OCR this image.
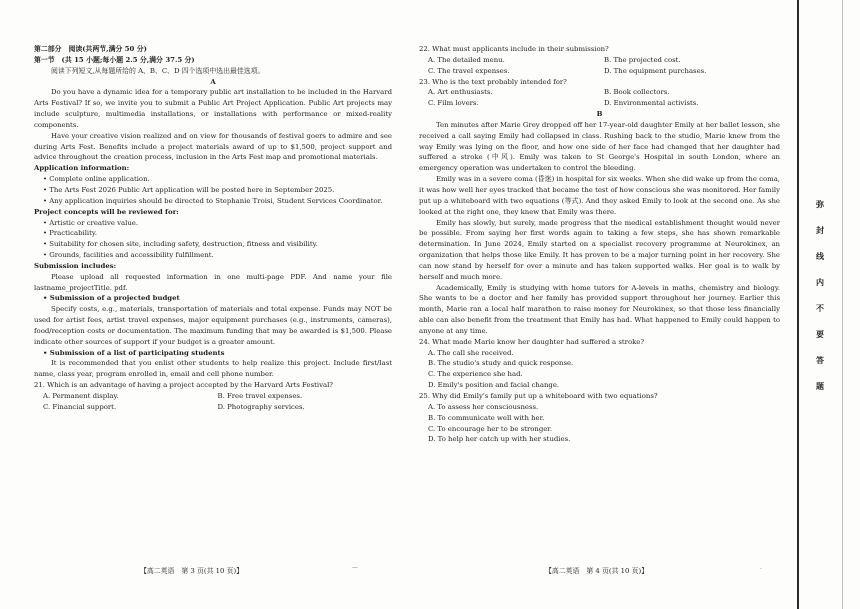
第二部分　阅读(共两节,满分 50 分)

第一节　(共 15 小题;每小题 2.5 分,满分 37.5 分)

阅读下列短文,从每题所给的 A、B、C、D 四个选项中选出最佳选项。

A

Do you have a dynamic idea for a temporary public art installation to be included in the Harvard Arts Festival? If so, we invite you to submit a Public Art Project Application. Public Art projects may include sculpture, multimedia installations, or installations with performance or mixed-reality components.

Have your creative vision realized and on view for thousands of festival goers to admire and see during Arts Fest. Benefits include a project materials award of up to $1,500, project support and advice throughout the creation process, inclusion in the Arts Fest map and promotional materials.

Application information:

• Complete online application.

• The Arts Fest 2026 Public Art application will be posted here in September 2025.

• Any application inquiries should be directed to Stephanie Troisi, Student Services Coordinator.

Project concepts will be reviewed for:

• Artistic or creative value.

• Practicability.

• Suitability for chosen site, including safety, destruction, fitness and visibility.

• Grounds, facilities and accessibility fulfillment.

Submission includes:

Please upload all requested information in one multi-page PDF. And name your file lastname_projectTitle. pdf.

• Submission of a projected budget

Specify costs, e.g., materials, transportation of materials and total expense. Funds may NOT be used for artist fees, artist travel expenses, major equipment purchases (e.g., instruments, cameras), food/reception costs or documentation. The maximum funding that may be awarded is $1,500. Please indicate other sources of support if your budget is a greater amount.

• Submission of a list of participating students

It is recommended that you enlist other students to help realize this project. Include first/last name, class year, program enrolled in, email and cell phone number.

21. Which is an advantage of having a project accepted by the Harvard Arts Festival?

A. Permanent display.	B. Free travel expenses.
C. Financial support.	D. Photography services.

22. What must applicants include in their submission?

A. The detailed menu.	B. The projected cost.
C. The travel expenses.	D. The equipment purchases.

23. Who is the text probably intended for?

A. Art enthusiasts.	B. Book collectors.
C. Film lovers.	D. Environmental activists.

B

Ten minutes after Marie Grey dropped off her 17-year-old daughter Emily at her ballet lesson, she received a call saying Emily had collapsed in class. Rushing back to the studio, Marie knew from the way Emily was lying on the floor, and how one side of her face had changed that her daughter had suffered a stroke (中风). Emily was taken to St George's Hospital in south London, where an emergency operation was undertaken to control the bleeding.

Emily was in a severe coma (昏迷) in hospital for six weeks. When she did wake up from the coma, it was how well her eyes tracked that became the test of how conscious she was monitored. Her family put up a whiteboard with two equations (等式). And they asked Emily to look at the second one. As she looked at the right one, they knew that Emily was there.

Emily has slowly, but surely, made progress that the medical establishment thought would never be possible. From saying her first words again to taking a few steps, she has shown remarkable determination. In June 2024, Emily started on a specialist recovery programme at Neurokinex, an organization that helps those like Emily. It has proven to be a major turning point in her recovery. She can now stand by herself for over a minute and has taken supported walks. Her goal is to walk by herself and much more.

Academically, Emily is studying with home tutors for A-levels in maths, chemistry and biology. She wants to be a doctor and her family has provided support throughout her journey. Earlier this month, Marie ran a local half marathon to raise money for Neurokinex, so that those less financially able can also benefit from the treatment that Emily has had. What happened to Emily could happen to anyone at any time.

24. What made Marie know her daughter had suffered a stroke?

A. The call she received.

B. The studio's study and quick response.

C. The experience she had.

D. Emily's position and facial change.

25. Why did Emily's family put up a whiteboard with two equations?

A. To assess her consciousness.

B. To communicate well with her.

C. To encourage her to be stronger.

D. To help her catch up with her studies.

【高二英语　第 3 页(共 10 页)】	—	【高二英语　第 4 页(共 10 页)】	·
弥
封
线
内
不
要
答
题
